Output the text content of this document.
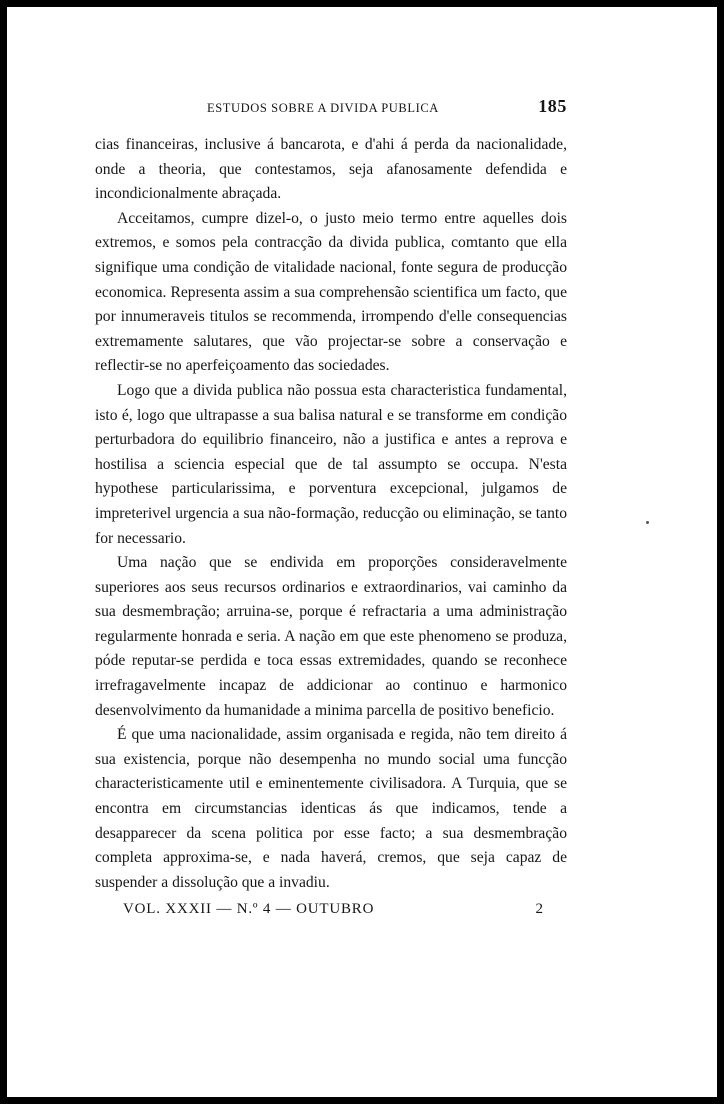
ESTUDOS SOBRE A DIVIDA PUBLICA	185

cias financeiras, inclusive á bancarota, e d'ahi á perda da nacionalidade, onde a theoria, que contestamos, seja afanosamente defendida e incondicionalmente abraçada.

Acceitamos, cumpre dizel-o, o justo meio termo entre aquelles dois extremos, e somos pela contracção da divida publica, comtanto que ella signifique uma condição de vitalidade nacional, fonte segura de producção economica. Representa assim a sua comprehensão scientifica um facto, que por innumeraveis titulos se recommenda, irrompendo d'elle consequencias extremamente salutares, que vão projectar-se sobre a conservação e reflectir-se no aperfeiçoamento das sociedades.

Logo que a divida publica não possua esta characteristica fundamental, isto é, logo que ultrapasse a sua balisa natural e se transforme em condição perturbadora do equilibrio financeiro, não a justifica e antes a reprova e hostilisa a sciencia especial que de tal assumpto se occupa. N'esta hypothese particularissima, e porventura excepcional, julgamos de impreterivel urgencia a sua não-formação, reducção ou eliminação, se tanto for necessario.

Uma nação que se endivida em proporções consideravelmente superiores aos seus recursos ordinarios e extraordinarios, vai caminho da sua desmembração; arruina-se, porque é refractaria a uma administração regularmente honrada e seria. A nação em que este phenomeno se produza, póde reputar-se perdida e toca essas extremidades, quando se reconhece irrefragavelmente incapaz de addicionar ao continuo e harmonico desenvolvimento da humanidade a minima parcella de positivo beneficio.

É que uma nacionalidade, assim organisada e regida, não tem direito á sua existencia, porque não desempenha no mundo social uma funcção characteristicamente util e eminentemente civilisadora. A Turquia, que se encontra em circumstancias identicas ás que indicamos, tende a desapparecer da scena politica por esse facto; a sua desmembração completa approxima-se, e nada haverá, cremos, que seja capaz de suspender a dissolução que a invadiu.

VOL. XXXII — N.º 4 — OUTUBRO	2
